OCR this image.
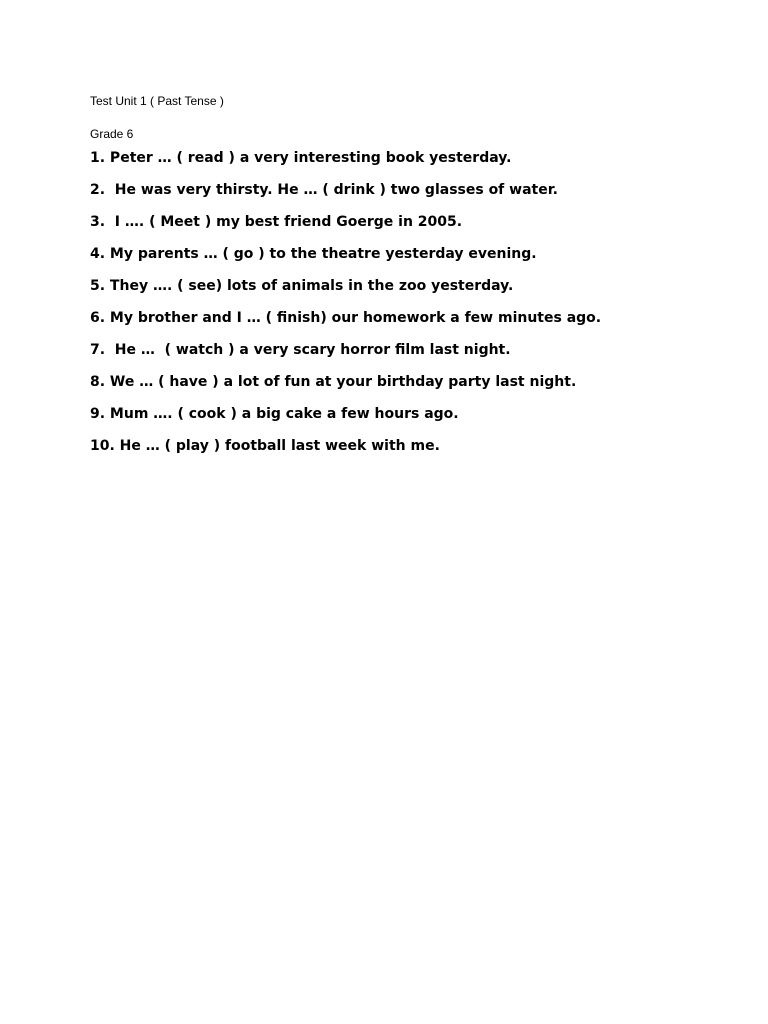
Test Unit 1 ( Past Tense )

Grade 6

1. Peter … ( read ) a very interesting book yesterday.
2.  He was very thirsty. He … ( drink ) two glasses of water.
3.  I …. ( Meet ) my best friend Goerge in 2005.
4. My parents … ( go ) to the theatre yesterday evening.
5. They …. ( see) lots of animals in the zoo yesterday.
6. My brother and I … ( finish) our homework a few minutes ago.
7.  He …  ( watch ) a very scary horror film last night.
8. We … ( have ) a lot of fun at your birthday party last night.
9. Mum …. ( cook ) a big cake a few hours ago.
10. He … ( play ) football last week with me.
